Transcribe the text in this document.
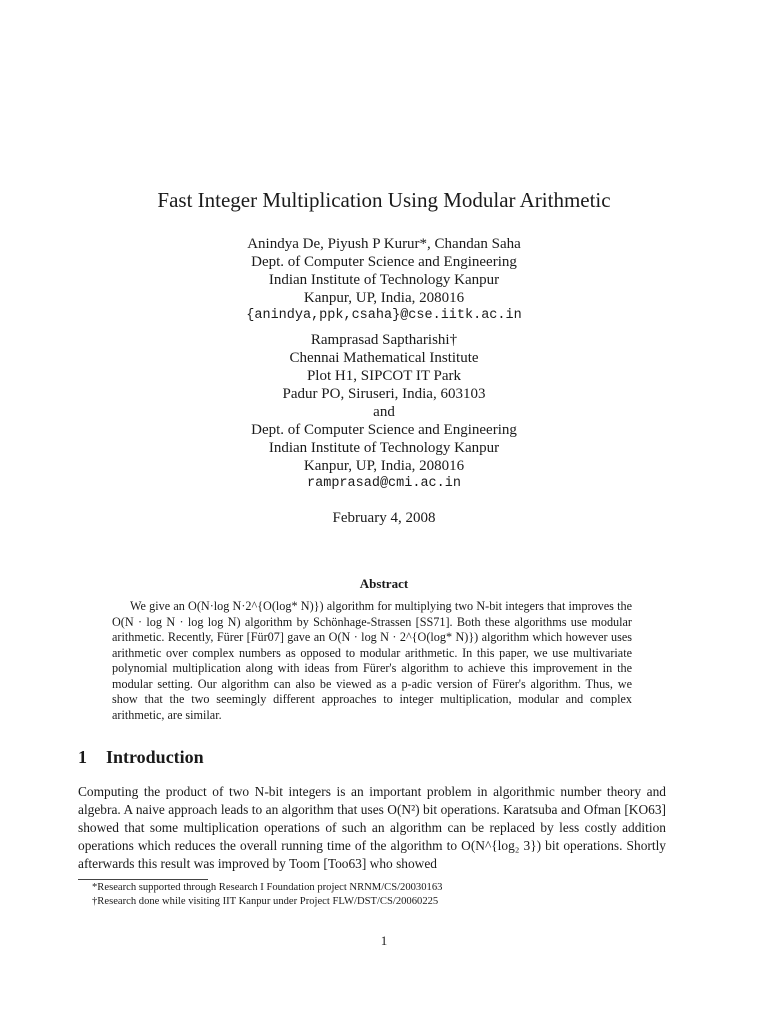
Fast Integer Multiplication Using Modular Arithmetic
Anindya De, Piyush P Kurur*, Chandan Saha
Dept. of Computer Science and Engineering
Indian Institute of Technology Kanpur
Kanpur, UP, India, 208016
{anindya,ppk,csaha}@cse.iitk.ac.in
Ramprasad Saptharishi†
Chennai Mathematical Institute
Plot H1, SIPCOT IT Park
Padur PO, Siruseri, India, 603103
and
Dept. of Computer Science and Engineering
Indian Institute of Technology Kanpur
Kanpur, UP, India, 208016
ramprasad@cmi.ac.in
February 4, 2008
Abstract
We give an O(N·log N·2^{O(log* N)}) algorithm for multiplying two N-bit integers that improves the O(N · log N · log log N) algorithm by Schönhage-Strassen [SS71]. Both these algorithms use modular arithmetic. Recently, Fürer [Für07] gave an O(N · log N · 2^{O(log* N)}) algorithm which however uses arithmetic over complex numbers as opposed to modular arithmetic. In this paper, we use multivariate polynomial multiplication along with ideas from Fürer's algorithm to achieve this improvement in the modular setting. Our algorithm can also be viewed as a p-adic version of Fürer's algorithm. Thus, we show that the two seemingly different approaches to integer multiplication, modular and complex arithmetic, are similar.
1 Introduction
Computing the product of two N-bit integers is an important problem in algorithmic number theory and algebra. A naive approach leads to an algorithm that uses O(N²) bit operations. Karatsuba and Ofman [KO63] showed that some multiplication operations of such an algorithm can be replaced by less costly addition operations which reduces the overall running time of the algorithm to O(N^{log₂ 3}) bit operations. Shortly afterwards this result was improved by Toom [Too63] who showed
*Research supported through Research I Foundation project NRNM/CS/20030163
†Research done while visiting IIT Kanpur under Project FLW/DST/CS/20060225
1
